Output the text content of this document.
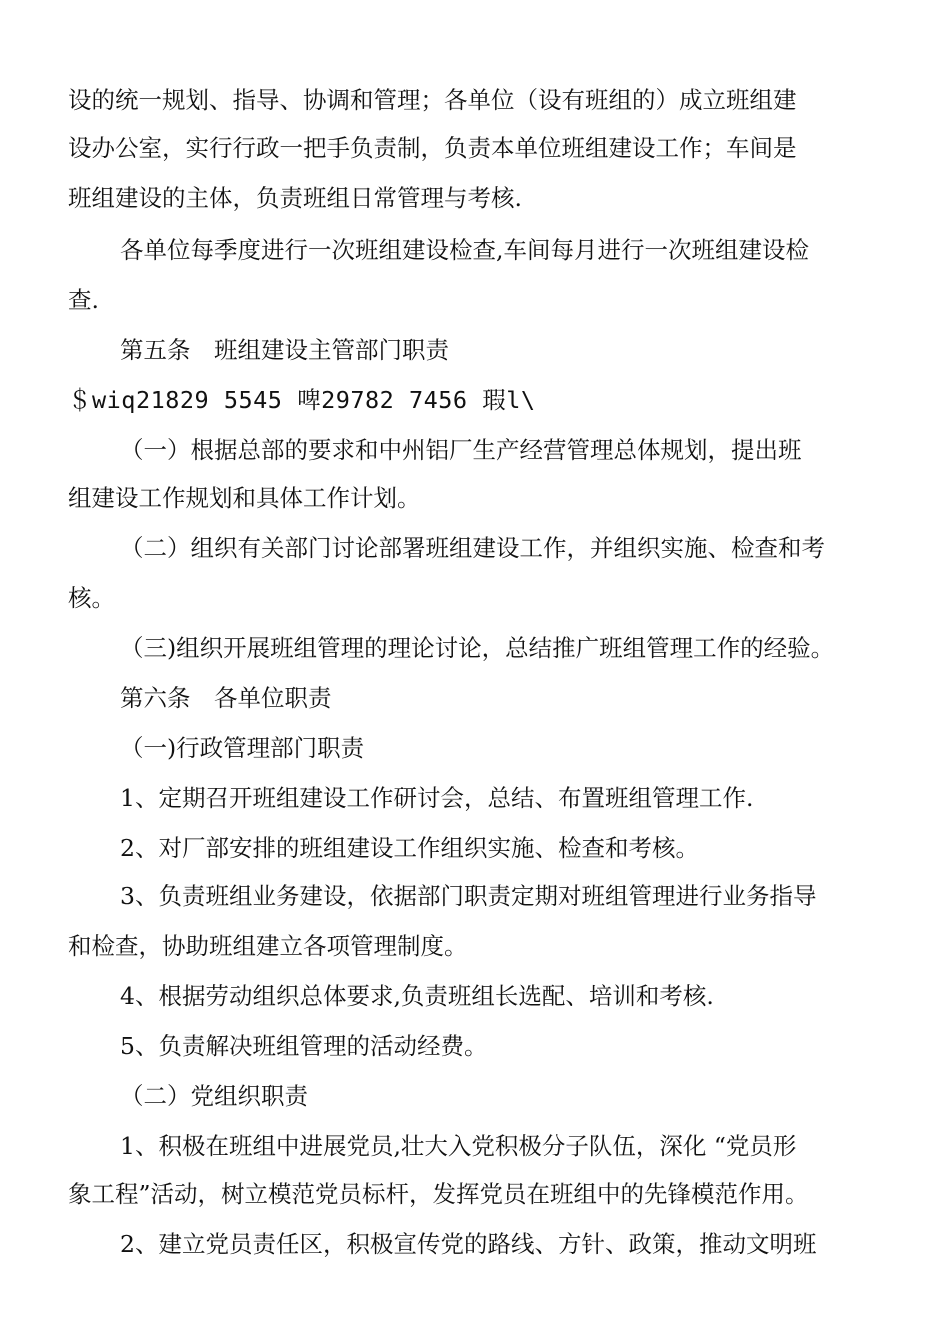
设的统一规划、指导、协调和管理；各单位（设有班组的）成立班组建
设办公室，实行行政一把手负责制，负责本单位班组建设工作；车间是
班组建设的主体，负责班组日常管理与考核.
各单位每季度进行一次班组建设检查,车间每月进行一次班组建设检
查.
第五条　班组建设主管部门职责
＄wiq21829 5545 啤29782 7456 瑕l\
（一）根据总部的要求和中州铝厂生产经营管理总体规划，提出班
组建设工作规划和具体工作计划。
（二）组织有关部门讨论部署班组建设工作，并组织实施、检查和考
核。
（三)组织开展班组管理的理论讨论，总结推广班组管理工作的经验。
第六条　各单位职责
（一)行政管理部门职责
1、定期召开班组建设工作研讨会，总结、布置班组管理工作.
2、对厂部安排的班组建设工作组织实施、检查和考核。
3、负责班组业务建设，依据部门职责定期对班组管理进行业务指导
和检查，协助班组建立各项管理制度。
4、根据劳动组织总体要求,负责班组长选配、培训和考核.
5、负责解决班组管理的活动经费。
（二）党组织职责
1、积极在班组中进展党员,壮大入党积极分子队伍，深化 “党员形
象工程”活动，树立模范党员标杆，发挥党员在班组中的先锋模范作用。
2、建立党员责任区，积极宣传党的路线、方针、政策，推动文明班
